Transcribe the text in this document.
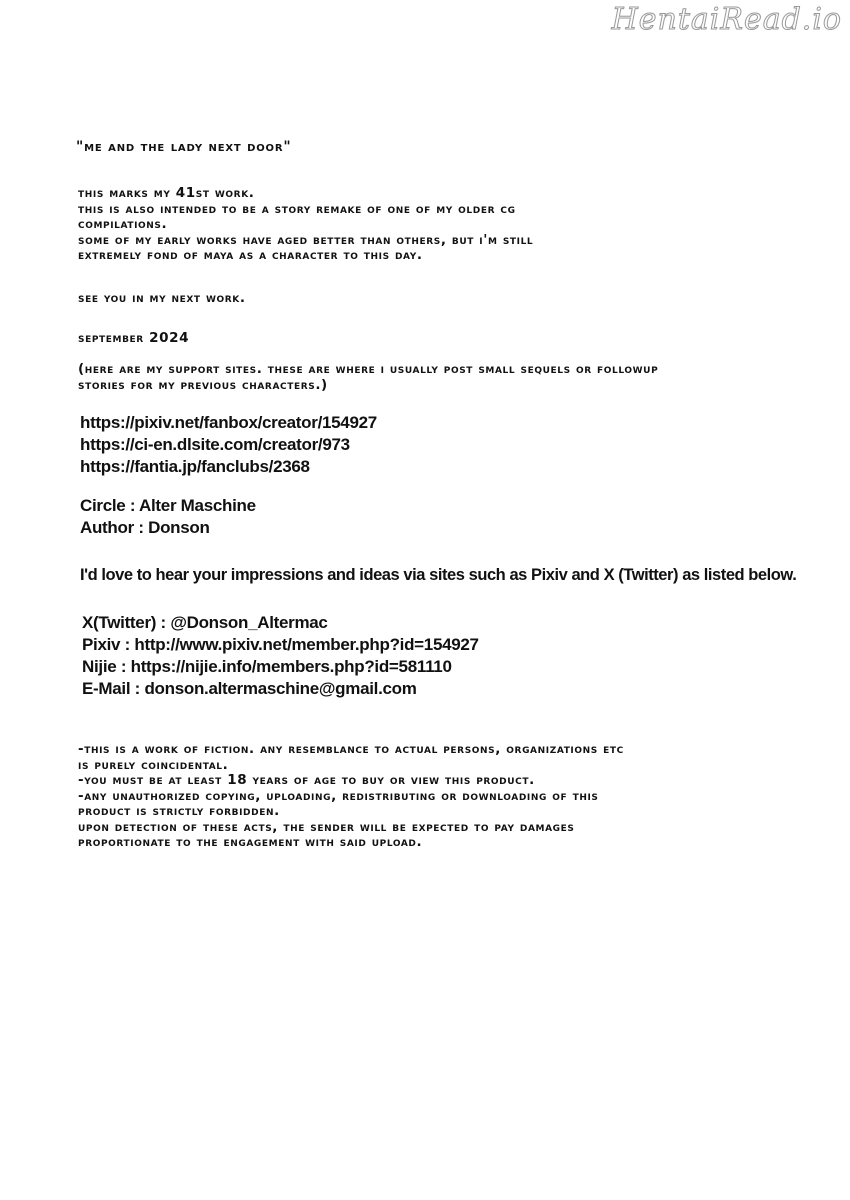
HentaiRead.io

"me and the lady next door"

this marks my 41st work.
this is also intended to be a story remake of one of my older cg
compilations.
some of my early works have aged better than others, but i'm still
extremely fond of maya as a character to this day.
see you in my next work.
september 2024
(here are my support sites. these are where i usually post small sequels or followup
stories for my previous characters.)
https://pixiv.net/fanbox/creator/154927
https://ci-en.dlsite.com/creator/973
https://fantia.jp/fanclubs/2368
Circle : Alter Maschine
Author : Donson
I'd love to hear your impressions and ideas via sites such as Pixiv and X (Twitter) as listed below.
X(Twitter) : @Donson_Altermac
Pixiv : http://www.pixiv.net/member.php?id=154927
Nijie : https://nijie.info/members.php?id=581110
E-Mail : donson.altermaschine@gmail.com
-this is a work of fiction. any resemblance to actual persons, organizations etc
is purely coincidental.
-you must be at least 18 years of age to buy or view this product.
-any unauthorized copying, uploading, redistributing or downloading of this
product is strictly forbidden.
upon detection of these acts, the sender will be expected to pay damages
proportionate to the engagement with said upload.
